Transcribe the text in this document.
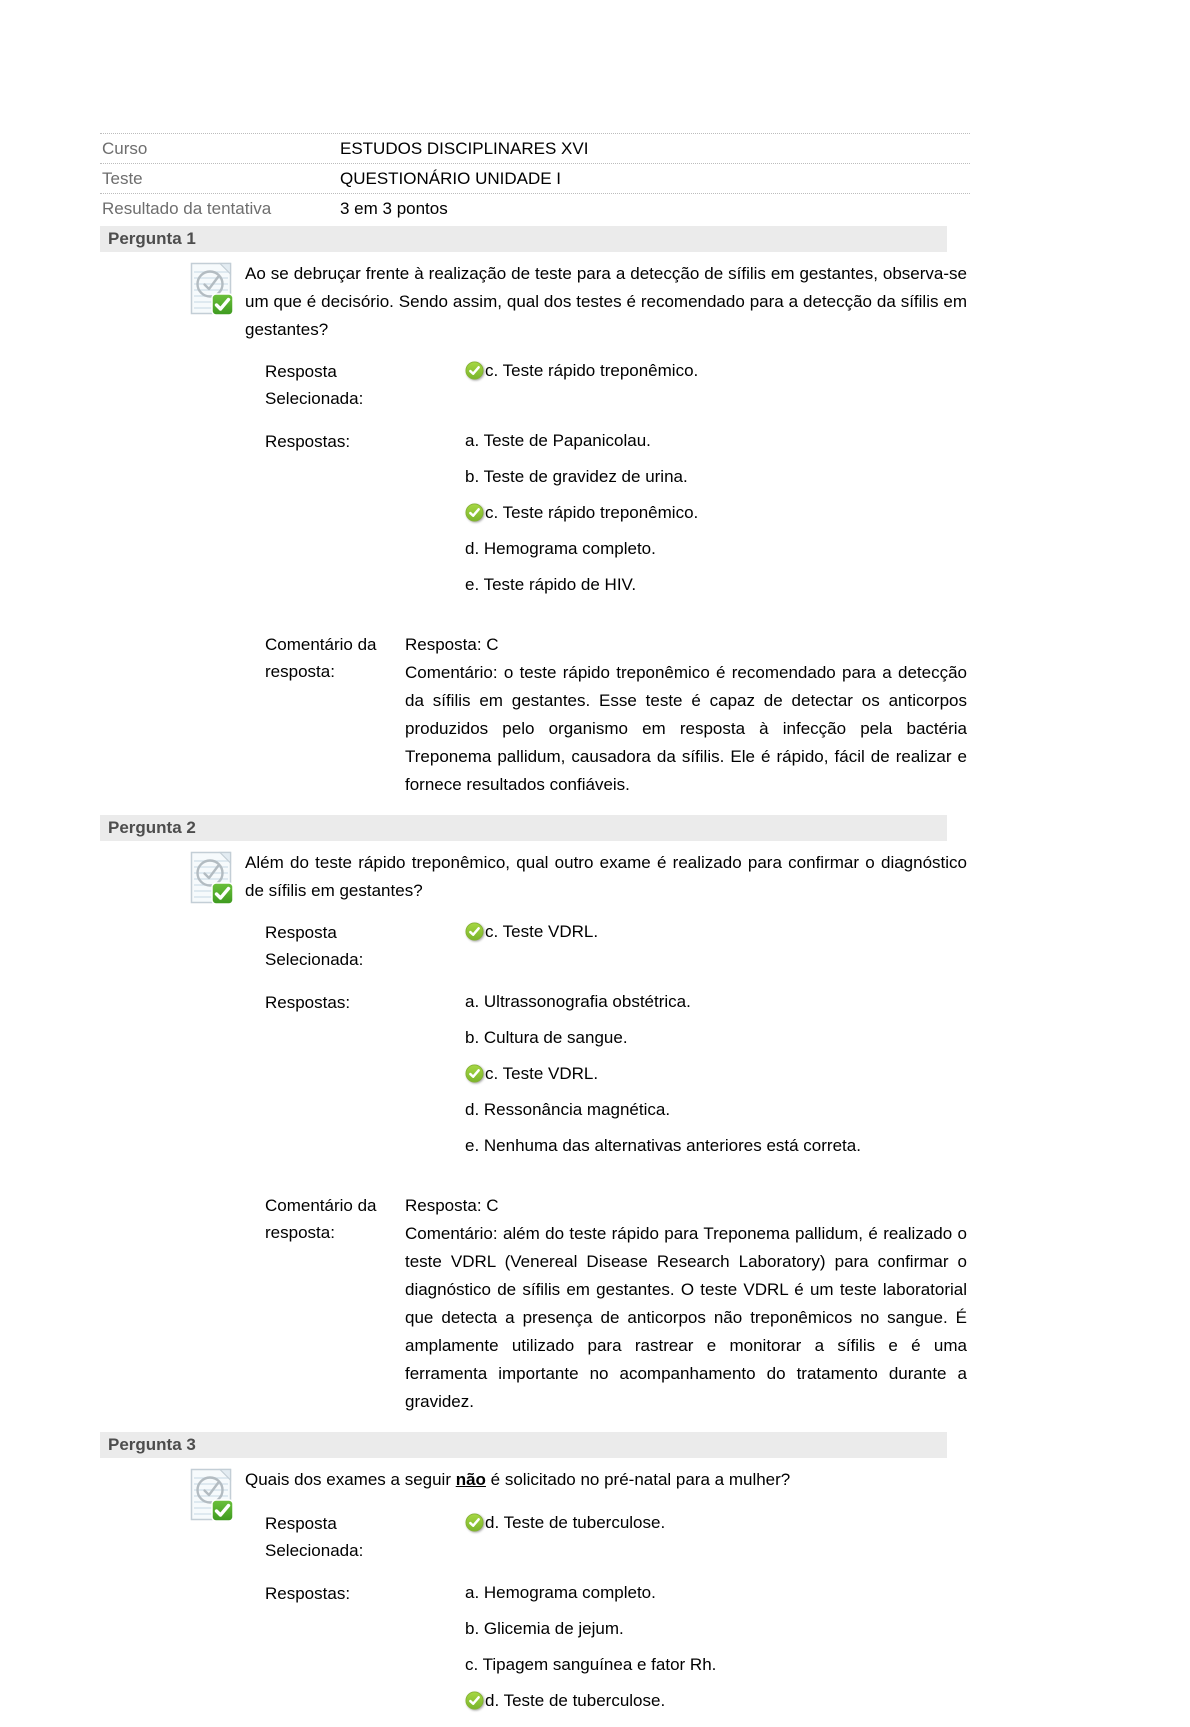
Curso	ESTUDOS DISCIPLINARES XVI
Teste	QUESTIONÁRIO UNIDADE I
Resultado da tentativa	3 em 3 pontos
Pergunta 1
Ao se debruçar frente à realização de teste para a detecção de sífilis em gestantes, observa-se um que é decisório. Sendo assim, qual dos testes é recomendado para a detecção da sífilis em gestantes?
Resposta Selecionada:
c. Teste rápido treponêmico.
Respostas:	a. Teste de Papanicolau.
b. Teste de gravidez de urina.
c. Teste rápido treponêmico.
d. Hemograma completo.
e. Teste rápido de HIV.
Comentário da resposta:
Resposta: C
Comentário: o teste rápido treponêmico é recomendado para a detecção da sífilis em gestantes. Esse teste é capaz de detectar os anticorpos produzidos pelo organismo em resposta à infecção pela bactéria Treponema pallidum, causadora da sífilis. Ele é rápido, fácil de realizar e fornece resultados confiáveis.
Pergunta 2
Além do teste rápido treponêmico, qual outro exame é realizado para confirmar o diagnóstico de sífilis em gestantes?
Resposta Selecionada:
c. Teste VDRL.
Respostas:	a. Ultrassonografia obstétrica.
b. Cultura de sangue.
c. Teste VDRL.
d. Ressonância magnética.
e. Nenhuma das alternativas anteriores está correta.
Comentário da resposta:
Resposta: C
Comentário: além do teste rápido para Treponema pallidum, é realizado o teste VDRL (Venereal Disease Research Laboratory) para confirmar o diagnóstico de sífilis em gestantes. O teste VDRL é um teste laboratorial que detecta a presença de anticorpos não treponêmicos no sangue. É amplamente utilizado para rastrear e monitorar a sífilis e é uma ferramenta importante no acompanhamento do tratamento durante a gravidez.
Pergunta 3
Quais dos exames a seguir não é solicitado no pré-natal para a mulher?
Resposta Selecionada:
d. Teste de tuberculose.
Respostas:	a. Hemograma completo.
b. Glicemia de jejum.
c. Tipagem sanguínea e fator Rh.
d. Teste de tuberculose.
